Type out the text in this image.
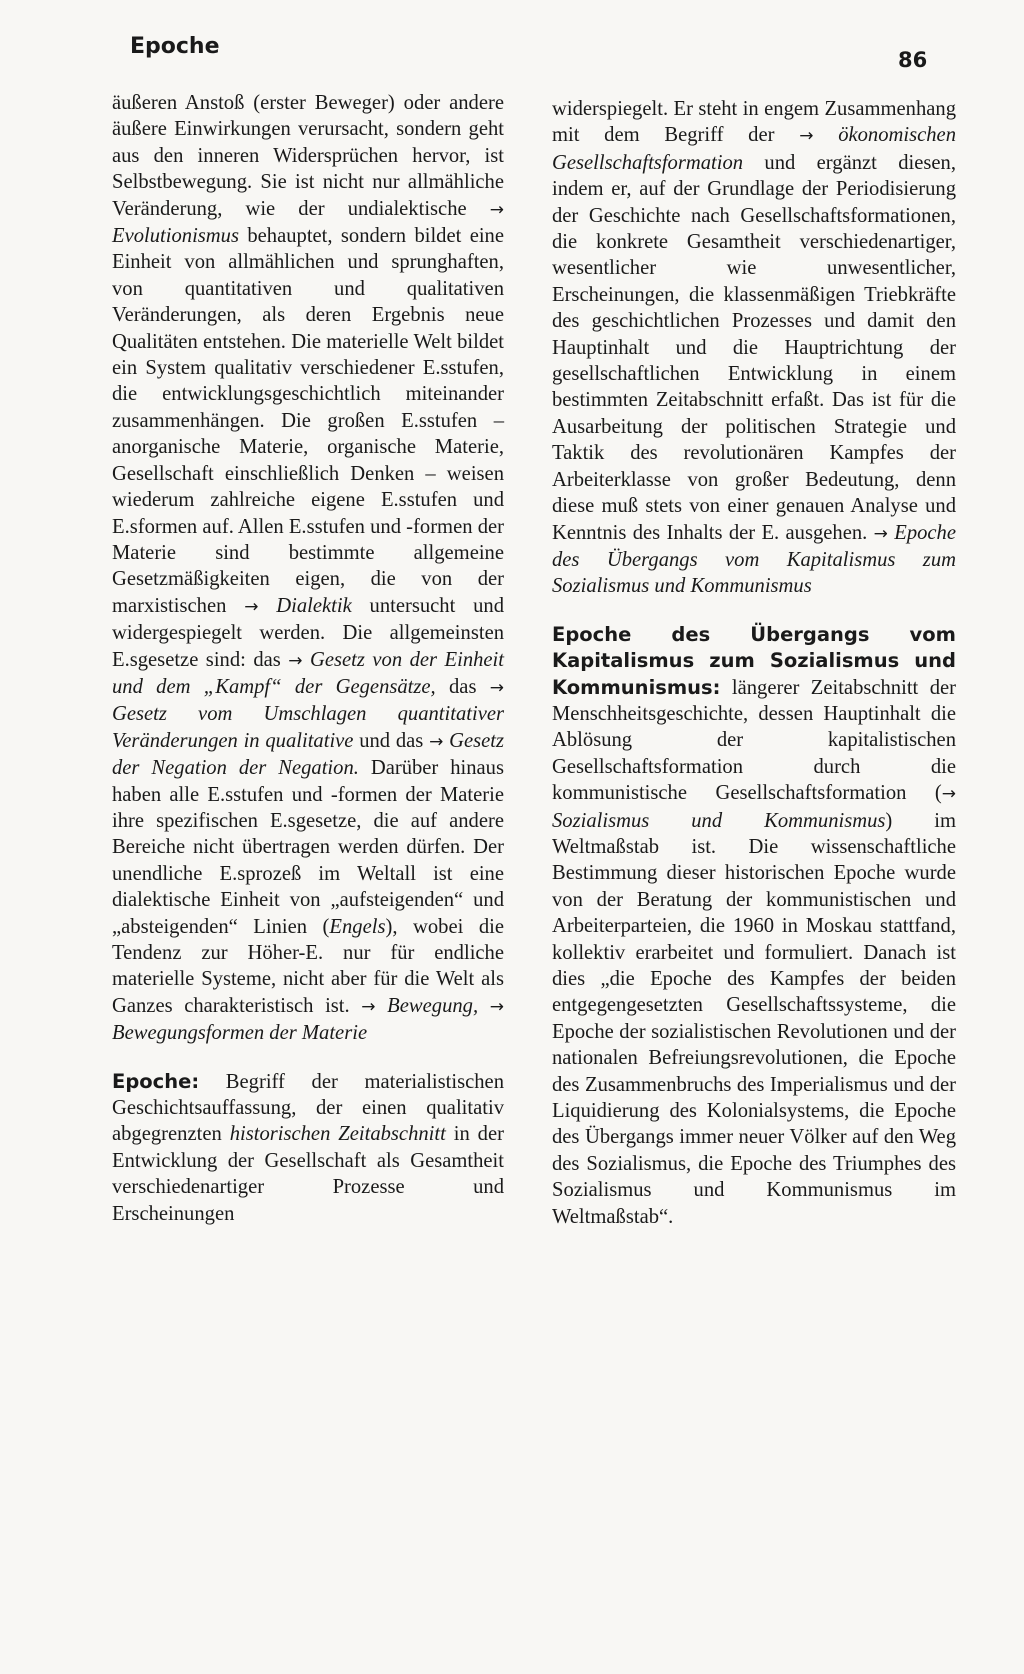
Epoche
86

äußeren Anstoß (erster Beweger) oder andere äußere Einwirkungen verursacht, sondern geht aus den inneren Widersprüchen hervor, ist Selbstbewegung. Sie ist nicht nur allmähliche Veränderung, wie der undialektische → Evolutionismus behauptet, sondern bildet eine Einheit von allmählichen und sprunghaften, von quantitativen und qualitativen Veränderungen, als deren Ergebnis neue Qualitäten entstehen. Die materielle Welt bildet ein System qualitativ verschiedener E.sstufen, die entwicklungsgeschichtlich miteinander zusammenhängen. Die großen E.sstufen – anorganische Materie, organische Materie, Gesellschaft einschließlich Denken – weisen wiederum zahlreiche eigene E.sstufen und E.sformen auf. Allen E.sstufen und -formen der Materie sind bestimmte allgemeine Gesetzmäßigkeiten eigen, die von der marxistischen → Dialektik untersucht und widergespiegelt werden. Die allgemeinsten E.sgesetze sind: das → Gesetz von der Einheit und dem „Kampf“ der Gegensätze, das → Gesetz vom Umschlagen quantitativer Veränderungen in qualitative und das → Gesetz der Negation der Negation. Darüber hinaus haben alle E.sstufen und -formen der Materie ihre spezifischen E.sgesetze, die auf andere Bereiche nicht übertragen werden dürfen. Der unendliche E.sprozeß im Weltall ist eine dialektische Einheit von „aufsteigenden“ und „absteigenden“ Linien (Engels), wobei die Tendenz zur Höher-E. nur für endliche materielle Systeme, nicht aber für die Welt als Ganzes charakteristisch ist. → Bewegung, → Bewegungsformen der Materie

Epoche: Begriff der materialistischen Geschichtsauffassung, der einen qualitativ abgegrenzten historischen Zeitabschnitt in der Entwicklung der Gesellschaft als Gesamtheit verschiedenartiger Prozesse und Erscheinungen

widerspiegelt. Er steht in engem Zusammenhang mit dem Begriff der → ökonomischen Gesellschaftsformation und ergänzt diesen, indem er, auf der Grundlage der Periodisierung der Geschichte nach Gesellschaftsformationen, die konkrete Gesamtheit verschiedenartiger, wesentlicher wie unwesentlicher, Erscheinungen, die klassenmäßigen Triebkräfte des geschichtlichen Prozesses und damit den Hauptinhalt und die Hauptrichtung der gesellschaftlichen Entwicklung in einem bestimmten Zeitabschnitt erfaßt. Das ist für die Ausarbeitung der politischen Strategie und Taktik des revolutionären Kampfes der Arbeiterklasse von großer Bedeutung, denn diese muß stets von einer genauen Analyse und Kenntnis des Inhalts der E. ausgehen. → Epoche des Übergangs vom Kapitalismus zum Sozialismus und Kommunismus

Epoche des Übergangs vom Kapitalismus zum Sozialismus und Kommunismus: längerer Zeitabschnitt der Menschheitsgeschichte, dessen Hauptinhalt die Ablösung der kapitalistischen Gesellschaftsformation durch die kommunistische Gesellschaftsformation (→ Sozialismus und Kommunismus) im Weltmaßstab ist. Die wissenschaftliche Bestimmung dieser historischen Epoche wurde von der Beratung der kommunistischen und Arbeiterparteien, die 1960 in Moskau stattfand, kollektiv erarbeitet und formuliert. Danach ist dies „die Epoche des Kampfes der beiden entgegengesetzten Gesellschaftssysteme, die Epoche der sozialistischen Revolutionen und der nationalen Befreiungsrevolutionen, die Epoche des Zusammenbruchs des Imperialismus und der Liquidierung des Kolonialsystems, die Epoche des Übergangs immer neuer Völker auf den Weg des Sozialismus, die Epoche des Triumphes des Sozialismus und Kommunismus im Weltmaßstab“.
